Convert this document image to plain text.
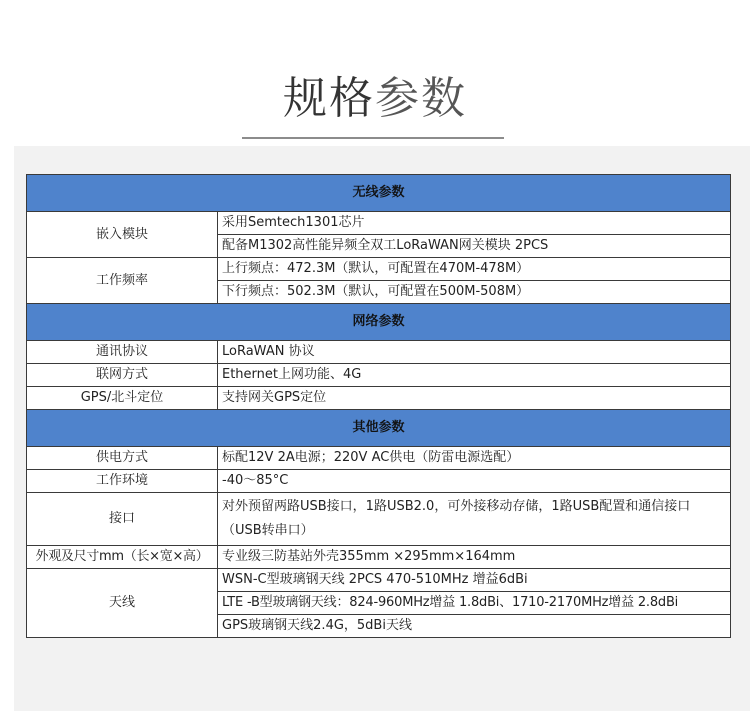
规格参数
无线参数	
嵌入模块	采用Semtech1301芯片
	配备M1302高性能异频全双工LoRaWAN网关模块 2PCS
工作频率	上行频点：472.3M（默认，可配置在470M-478M）
	下行频点：502.3M（默认，可配置在500M-508M）
网络参数	
通讯协议	LoRaWAN 协议
联网方式	Ethernet上网功能、4G
GPS/北斗定位	支持网关GPS定位
其他参数	
供电方式	标配12V 2A电源；220V AC供电（防雷电源选配）
工作环境	-40～85°C
接口	对外预留两路USB接口，1路USB2.0，可外接移动存储，1路USB配置和通信接口（USB转串口）
外观及尺寸mm（长×宽×高）	专业级三防基站外壳355mm ×295mm×164mm
天线	WSN-C型玻璃钢天线 2PCS 470-510MHz 增益6dBi
	LTE -B型玻璃钢天线：824-960MHz增益 1.8dBi、1710-2170MHz增益 2.8dBi
	GPS玻璃钢天线2.4G，5dBi天线
